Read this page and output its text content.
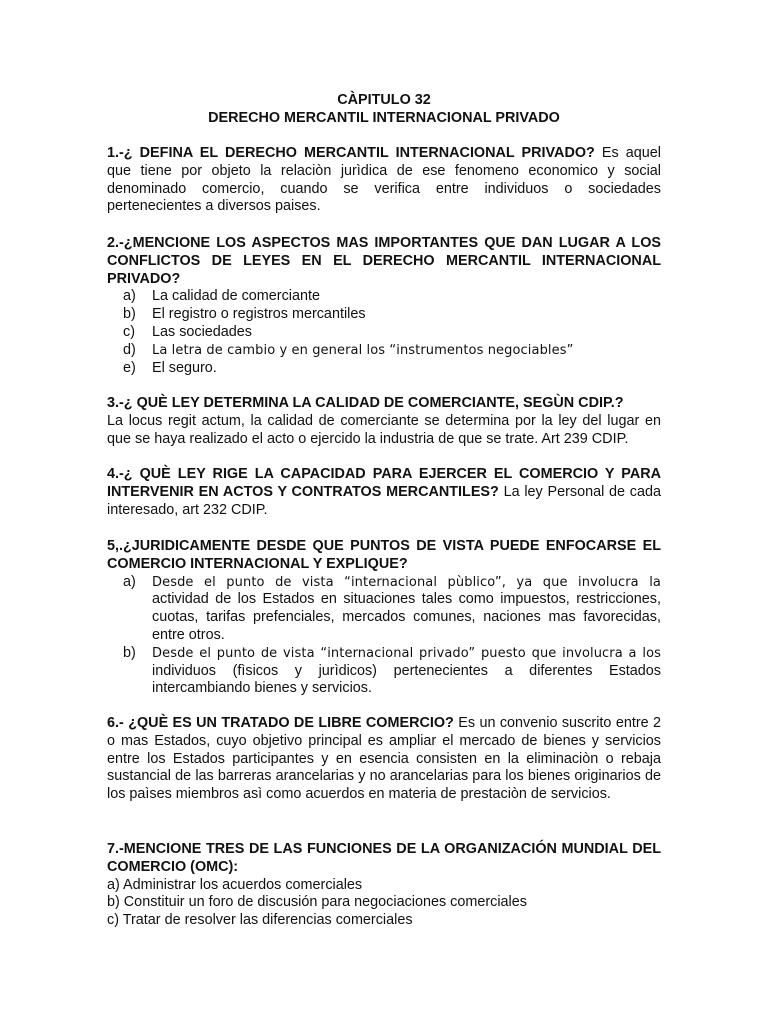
CÀPITULO 32
DERECHO MERCANTIL INTERNACIONAL PRIVADO
1.-¿ DEFINA EL DERECHO MERCANTIL INTERNACIONAL PRIVADO? Es aquel que tiene por objeto la relaciòn jurìdica de ese fenomeno economico y social denominado comercio, cuando se verifica entre individuos o sociedades pertenecientes a diversos paises.
2.-¿MENCIONE LOS ASPECTOS MAS IMPORTANTES QUE DAN LUGAR A LOS CONFLICTOS DE LEYES EN EL DERECHO MERCANTIL INTERNACIONAL PRIVADO?
a) La calidad de comerciante
b) El registro o registros mercantiles
c) Las sociedades
d) La letra de cambio y en general los “instrumentos negociables”
e) El seguro.
3.-¿ QUÈ LEY DETERMINA LA CALIDAD DE COMERCIANTE, SEGÙN CDIP.?
La locus regit actum, la calidad de comerciante se determina por la ley del lugar en que se haya realizado el acto o ejercido la industria de que se trate. Art 239 CDIP.
4.-¿ QUÈ LEY RIGE LA CAPACIDAD PARA EJERCER EL COMERCIO Y PARA INTERVENIR EN ACTOS Y CONTRATOS MERCANTILES? La ley Personal de cada interesado, art 232 CDIP.
5,.¿JURIDICAMENTE DESDE QUE PUNTOS DE VISTA PUEDE ENFOCARSE EL COMERCIO INTERNACIONAL Y EXPLIQUE?
a) Desde el punto de vista “internacional pùblico”, ya que involucra la
actividad de los Estados en situaciones tales como impuestos, restricciones, cuotas, tarifas prefenciales, mercados comunes, naciones mas favorecidas, entre otros.
b) Desde el punto de vista “internacional privado” puesto que involucra a los
individuos (fìsicos y jurìdicos) pertenecientes a diferentes Estados intercambiando bienes y servicios.
6.- ¿QUÈ ES UN TRATADO DE LIBRE COMERCIO? Es un convenio suscrito entre 2 o mas Estados, cuyo objetivo principal es ampliar el mercado de bienes y servicios entre los Estados participantes y en esencia consisten en la eliminaciòn o rebaja sustancial de las barreras arancelarias y no arancelarias para los bienes originarios de los paìses miembros asì como acuerdos en materia de prestaciòn de servicios.
7.-MENCIONE TRES DE LAS FUNCIONES DE LA ORGANIZACIÓN MUNDIAL DEL COMERCIO (OMC):
a) Administrar los acuerdos comerciales
b) Constituir un foro de discusión para negociaciones comerciales
c) Tratar de resolver las diferencias comerciales
